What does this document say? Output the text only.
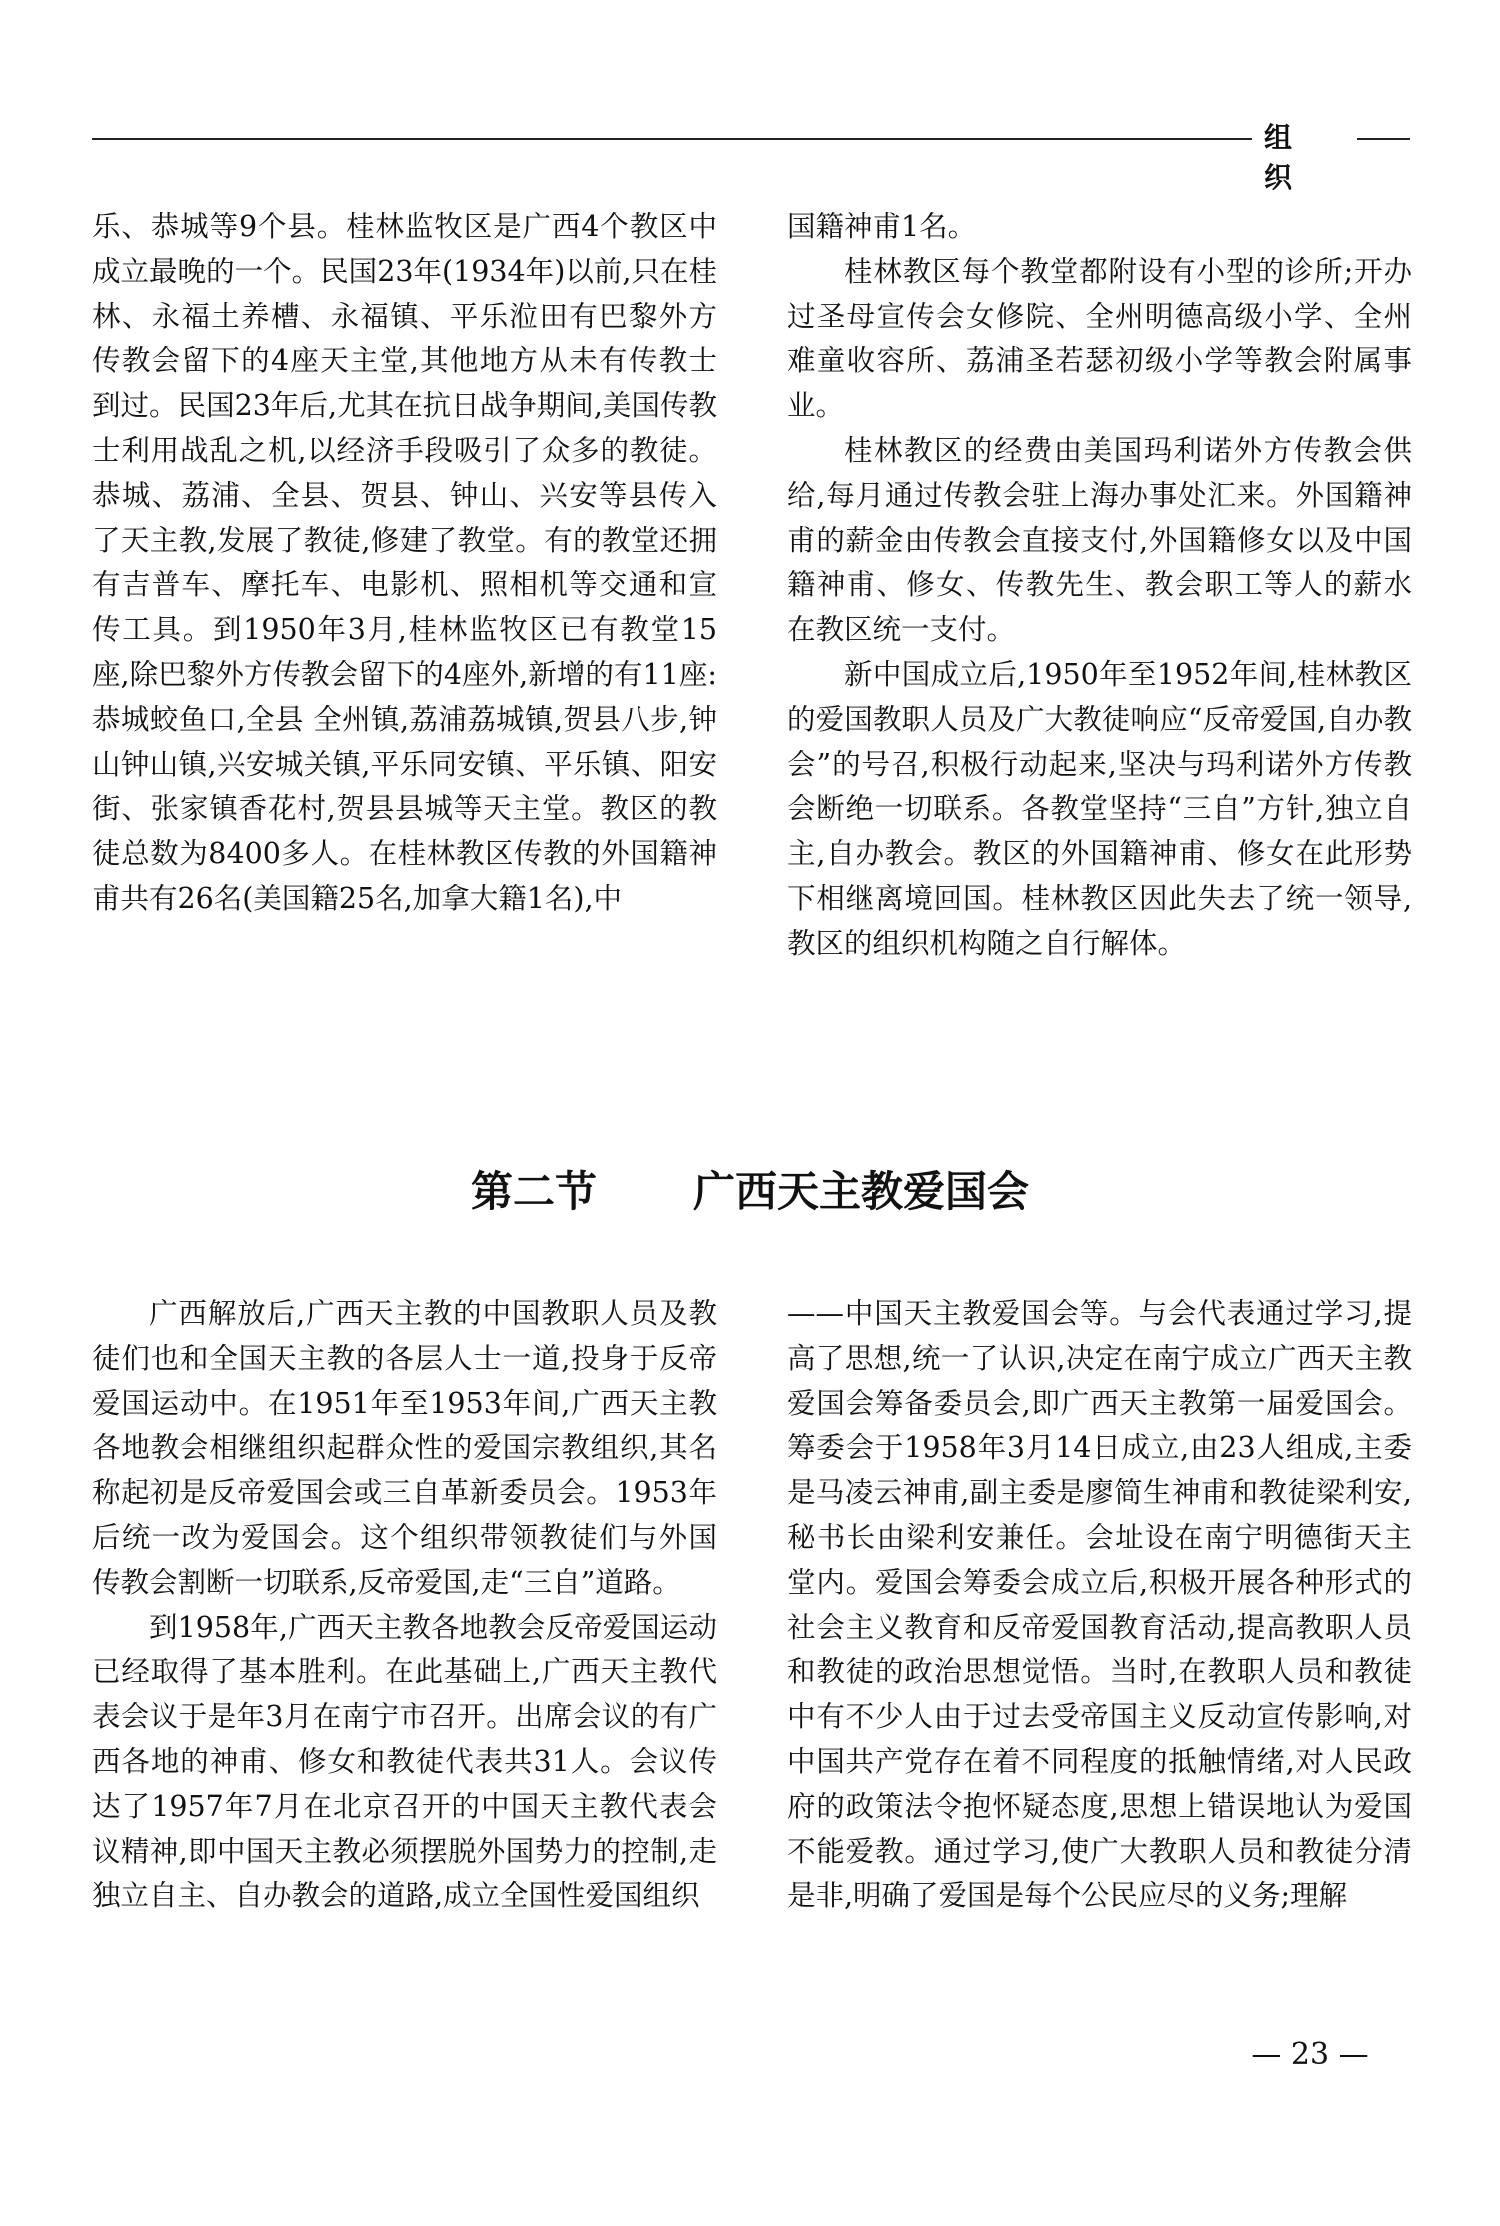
组 织

乐、恭城等9个县。桂林监牧区是广西4个教区中成立最晚的一个。民国23年(1934年)以前,只在桂林、永福土养槽、永福镇、平乐涖田有巴黎外方传教会留下的4座天主堂,其他地方从未有传教士到过。民国23年后,尤其在抗日战争期间,美国传教士利用战乱之机,以经济手段吸引了众多的教徒。恭城、荔浦、全县、贺县、钟山、兴安等县传入了天主教,发展了教徒,修建了教堂。有的教堂还拥有吉普车、摩托车、电影机、照相机等交通和宣传工具。到1950年3月,桂林监牧区已有教堂15座,除巴黎外方传教会留下的4座外,新增的有11座:恭城蛟鱼口,全县 全州镇,荔浦荔城镇,贺县八步,钟山钟山镇,兴安城关镇,平乐同安镇、平乐镇、阳安街、张家镇香花村,贺县县城等天主堂。教区的教徒总数为8400多人。在桂林教区传教的外国籍神甫共有26名(美国籍25名,加拿大籍1名),中

国籍神甫1名。

桂林教区每个教堂都附设有小型的诊所;开办过圣母宣传会女修院、全州明德高级小学、全州难童收容所、荔浦圣若瑟初级小学等教会附属事业。

桂林教区的经费由美国玛利诺外方传教会供给,每月通过传教会驻上海办事处汇来。外国籍神甫的薪金由传教会直接支付,外国籍修女以及中国籍神甫、修女、传教先生、教会职工等人的薪水在教区统一支付。

新中国成立后,1950年至1952年间,桂林教区的爱国教职人员及广大教徒响应“反帝爱国,自办教会”的号召,积极行动起来,坚决与玛利诺外方传教会断绝一切联系。各教堂坚持“三自”方针,独立自主,自办教会。教区的外国籍神甫、修女在此形势下相继离境回国。桂林教区因此失去了统一领导,教区的组织机构随之自行解体。

第二节 广西天主教爱国会

广西解放后,广西天主教的中国教职人员及教徒们也和全国天主教的各层人士一道,投身于反帝爱国运动中。在1951年至1953年间,广西天主教各地教会相继组织起群众性的爱国宗教组织,其名称起初是反帝爱国会或三自革新委员会。1953年后统一改为爱国会。这个组织带领教徒们与外国传教会割断一切联系,反帝爱国,走“三自”道路。

到1958年,广西天主教各地教会反帝爱国运动已经取得了基本胜利。在此基础上,广西天主教代表会议于是年3月在南宁市召开。出席会议的有广西各地的神甫、修女和教徒代表共31人。会议传达了1957年7月在北京召开的中国天主教代表会议精神,即中国天主教必须摆脱外国势力的控制,走独立自主、自办教会的道路,成立全国性爱国组织

——中国天主教爱国会等。与会代表通过学习,提高了思想,统一了认识,决定在南宁成立广西天主教爱国会筹备委员会,即广西天主教第一届爱国会。筹委会于1958年3月14日成立,由23人组成,主委是马凌云神甫,副主委是廖简生神甫和教徒梁利安,秘书长由梁利安兼任。会址设在南宁明德街天主堂内。爱国会筹委会成立后,积极开展各种形式的社会主义教育和反帝爱国教育活动,提高教职人员和教徒的政治思想觉悟。当时,在教职人员和教徒中有不少人由于过去受帝国主义反动宣传影响,对中国共产党存在着不同程度的抵触情绪,对人民政府的政策法令抱怀疑态度,思想上错误地认为爱国不能爱教。通过学习,使广大教职人员和教徒分清是非,明确了爱国是每个公民应尽的义务;理解

— 23 —
